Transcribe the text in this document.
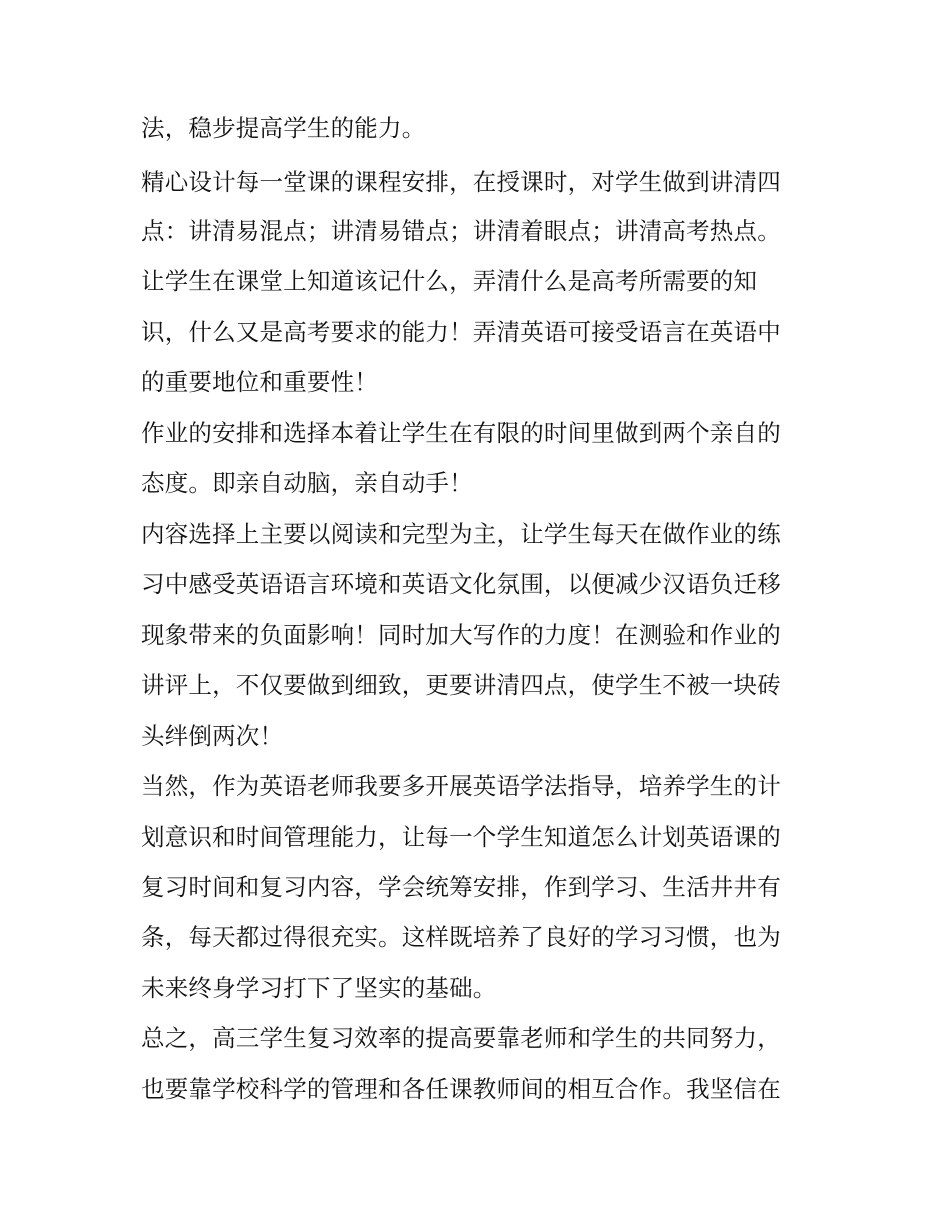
法，稳步提高学生的能力。

精心设计每一堂课的课程安排，在授课时，对学生做到讲清四

点：讲清易混点；讲清易错点；讲清着眼点；讲清高考热点。

让学生在课堂上知道该记什么，弄清什么是高考所需要的知

识，什么又是高考要求的能力！弄清英语可接受语言在英语中

的重要地位和重要性！

作业的安排和选择本着让学生在有限的时间里做到两个亲自的

态度。即亲自动脑，亲自动手！

内容选择上主要以阅读和完型为主，让学生每天在做作业的练

习中感受英语语言环境和英语文化氛围，以便减少汉语负迁移

现象带来的负面影响！同时加大写作的力度！在测验和作业的

讲评上，不仅要做到细致，更要讲清四点，使学生不被一块砖

头绊倒两次！

当然，作为英语老师我要多开展英语学法指导，培养学生的计

划意识和时间管理能力，让每一个学生知道怎么计划英语课的

复习时间和复习内容，学会统筹安排，作到学习、生活井井有

条，每天都过得很充实。这样既培养了良好的学习习惯，也为

未来终身学习打下了坚实的基础。

总之，高三学生复习效率的提高要靠老师和学生的共同努力，

也要靠学校科学的管理和各任课教师间的相互合作。我坚信在
